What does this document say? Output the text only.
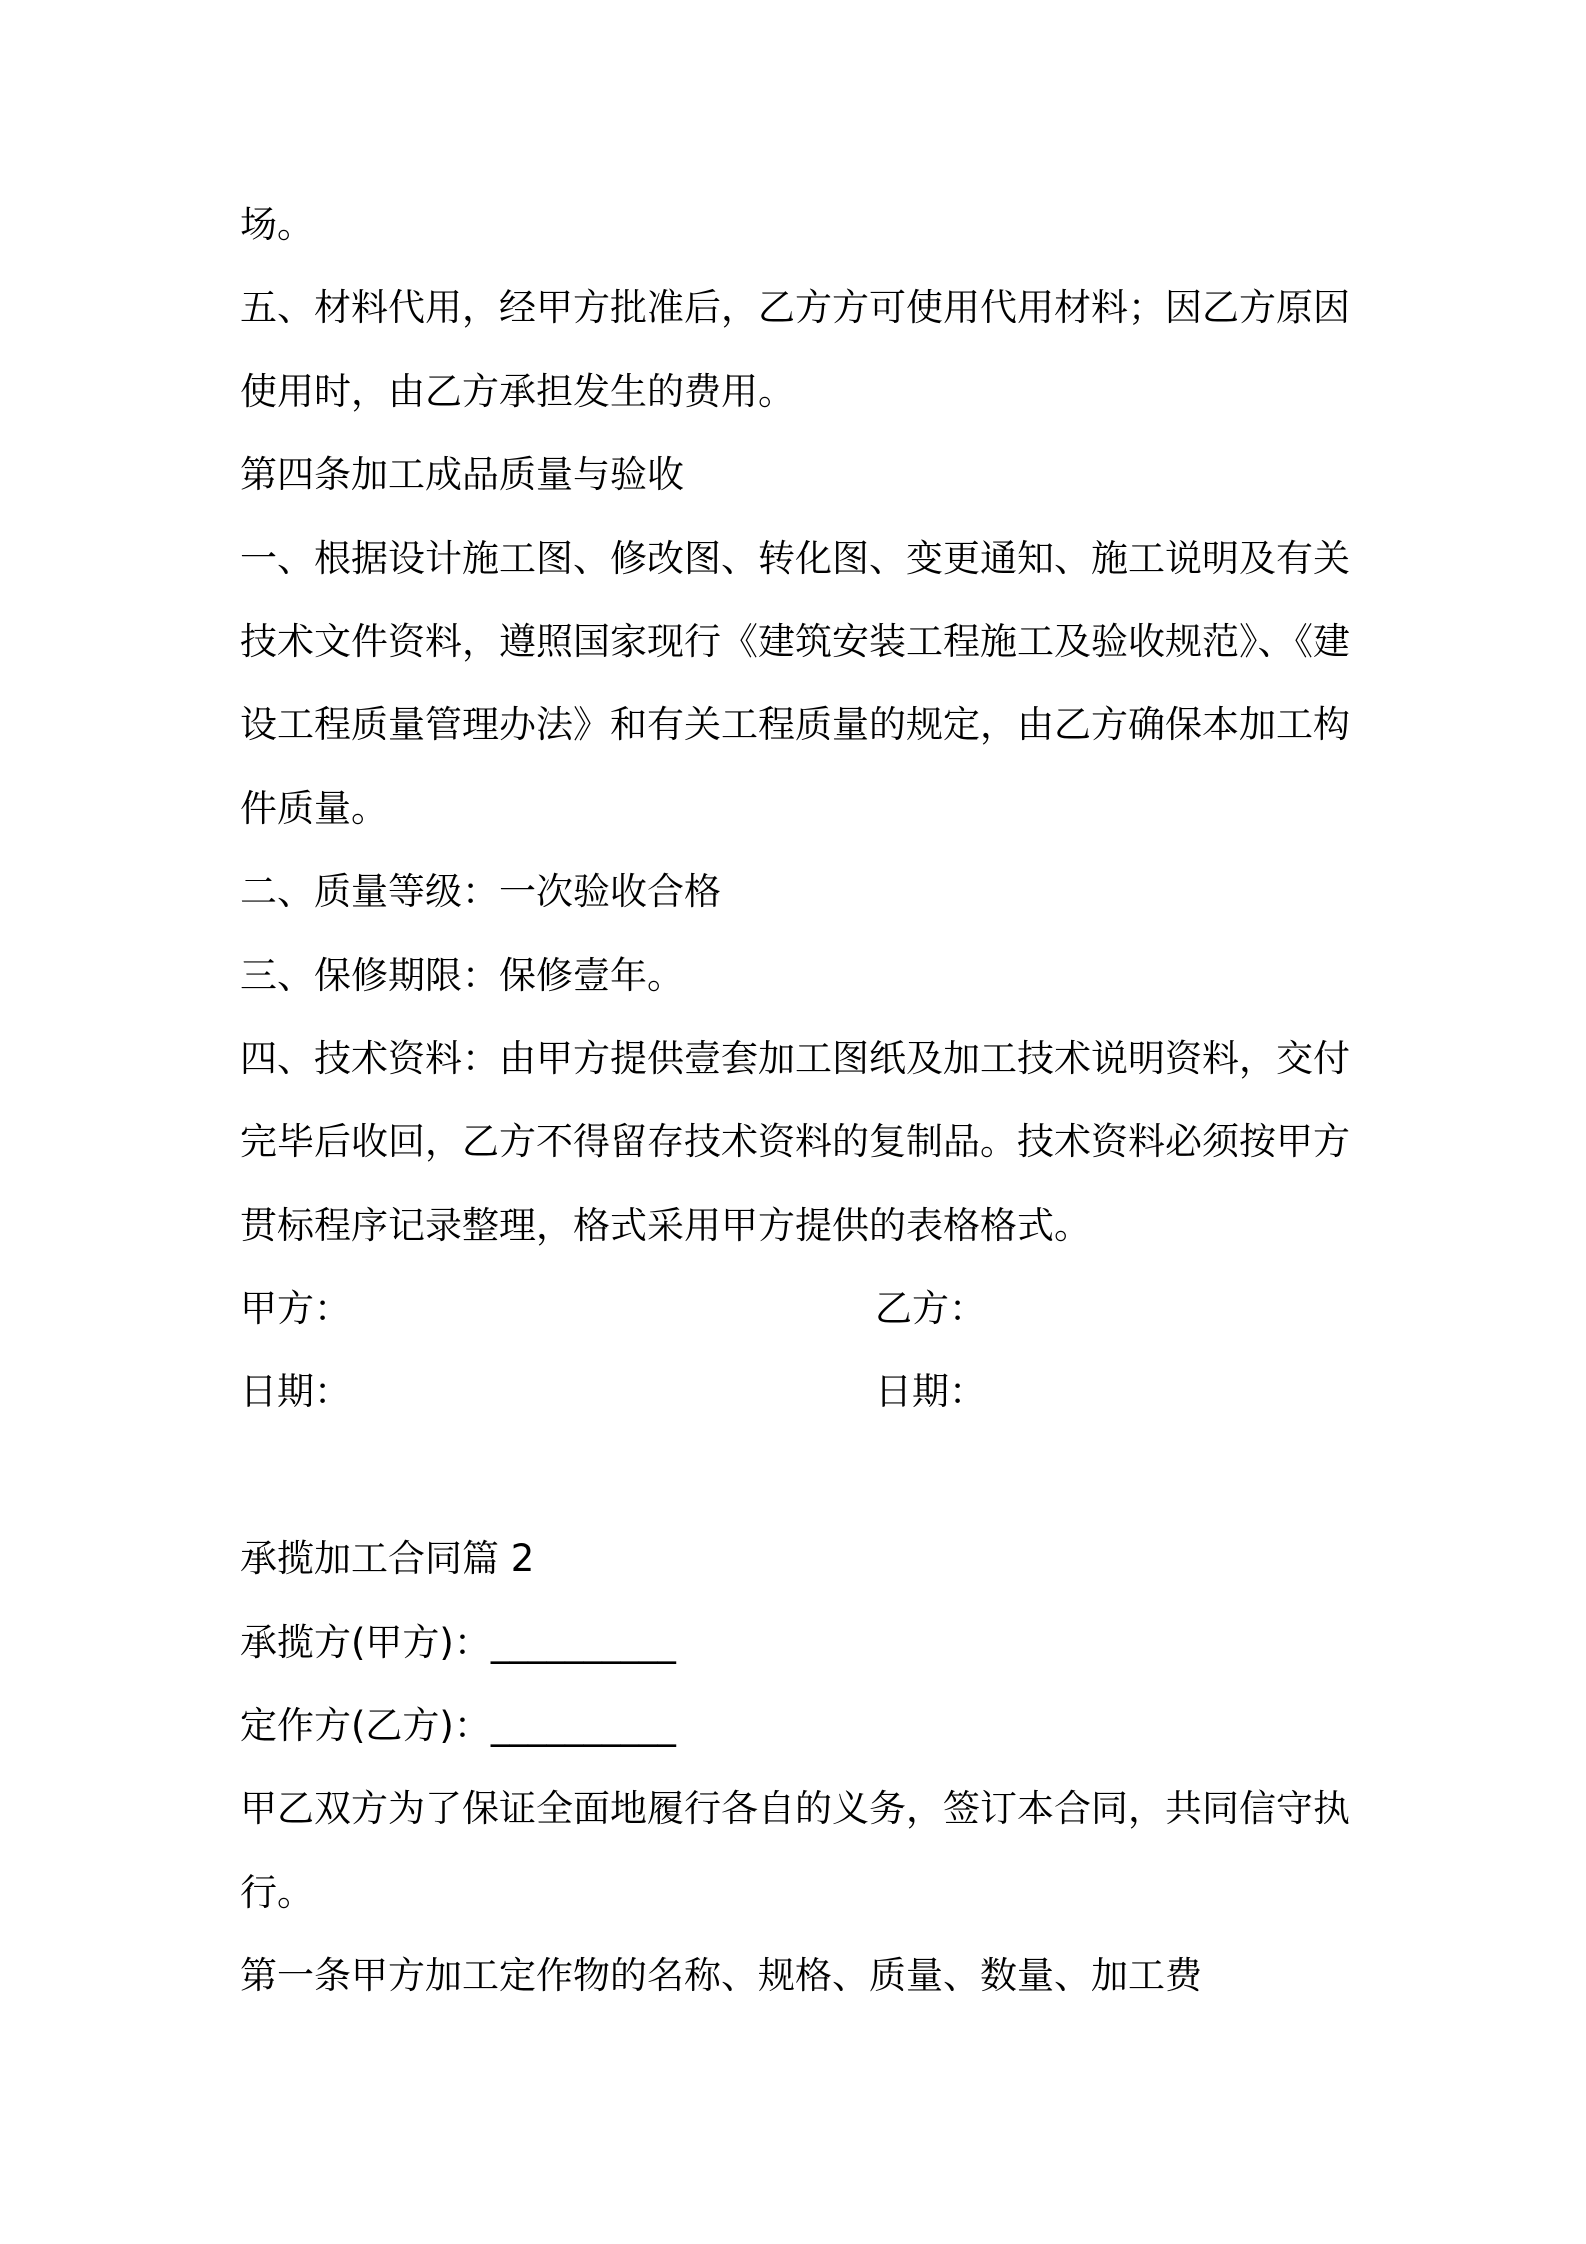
场。
五、材料代用，经甲方批准后，乙方方可使用代用材料；因乙方原因
使用时，由乙方承担发生的费用。
第四条加工成品质量与验收
一、根据设计施工图、修改图、转化图、变更通知、施工说明及有关
技术文件资料，遵照国家现行《建筑安装工程施工及验收规范》、《建
设工程质量管理办法》和有关工程质量的规定，由乙方确保本加工构
件质量。
二、质量等级：一次验收合格
三、保修期限：保修壹年。
四、技术资料：由甲方提供壹套加工图纸及加工技术说明资料，交付
完毕后收回，乙方不得留存技术资料的复制品。技术资料必须按甲方
贯标程序记录整理，格式采用甲方提供的表格格式。
甲方：	乙方：
日期：	日期：
承揽加工合同篇 2
承揽方(甲方)：__________
定作方(乙方)：__________
甲乙双方为了保证全面地履行各自的义务，签订本合同，共同信守执
行。
第一条甲方加工定作物的名称、规格、质量、数量、加工费
